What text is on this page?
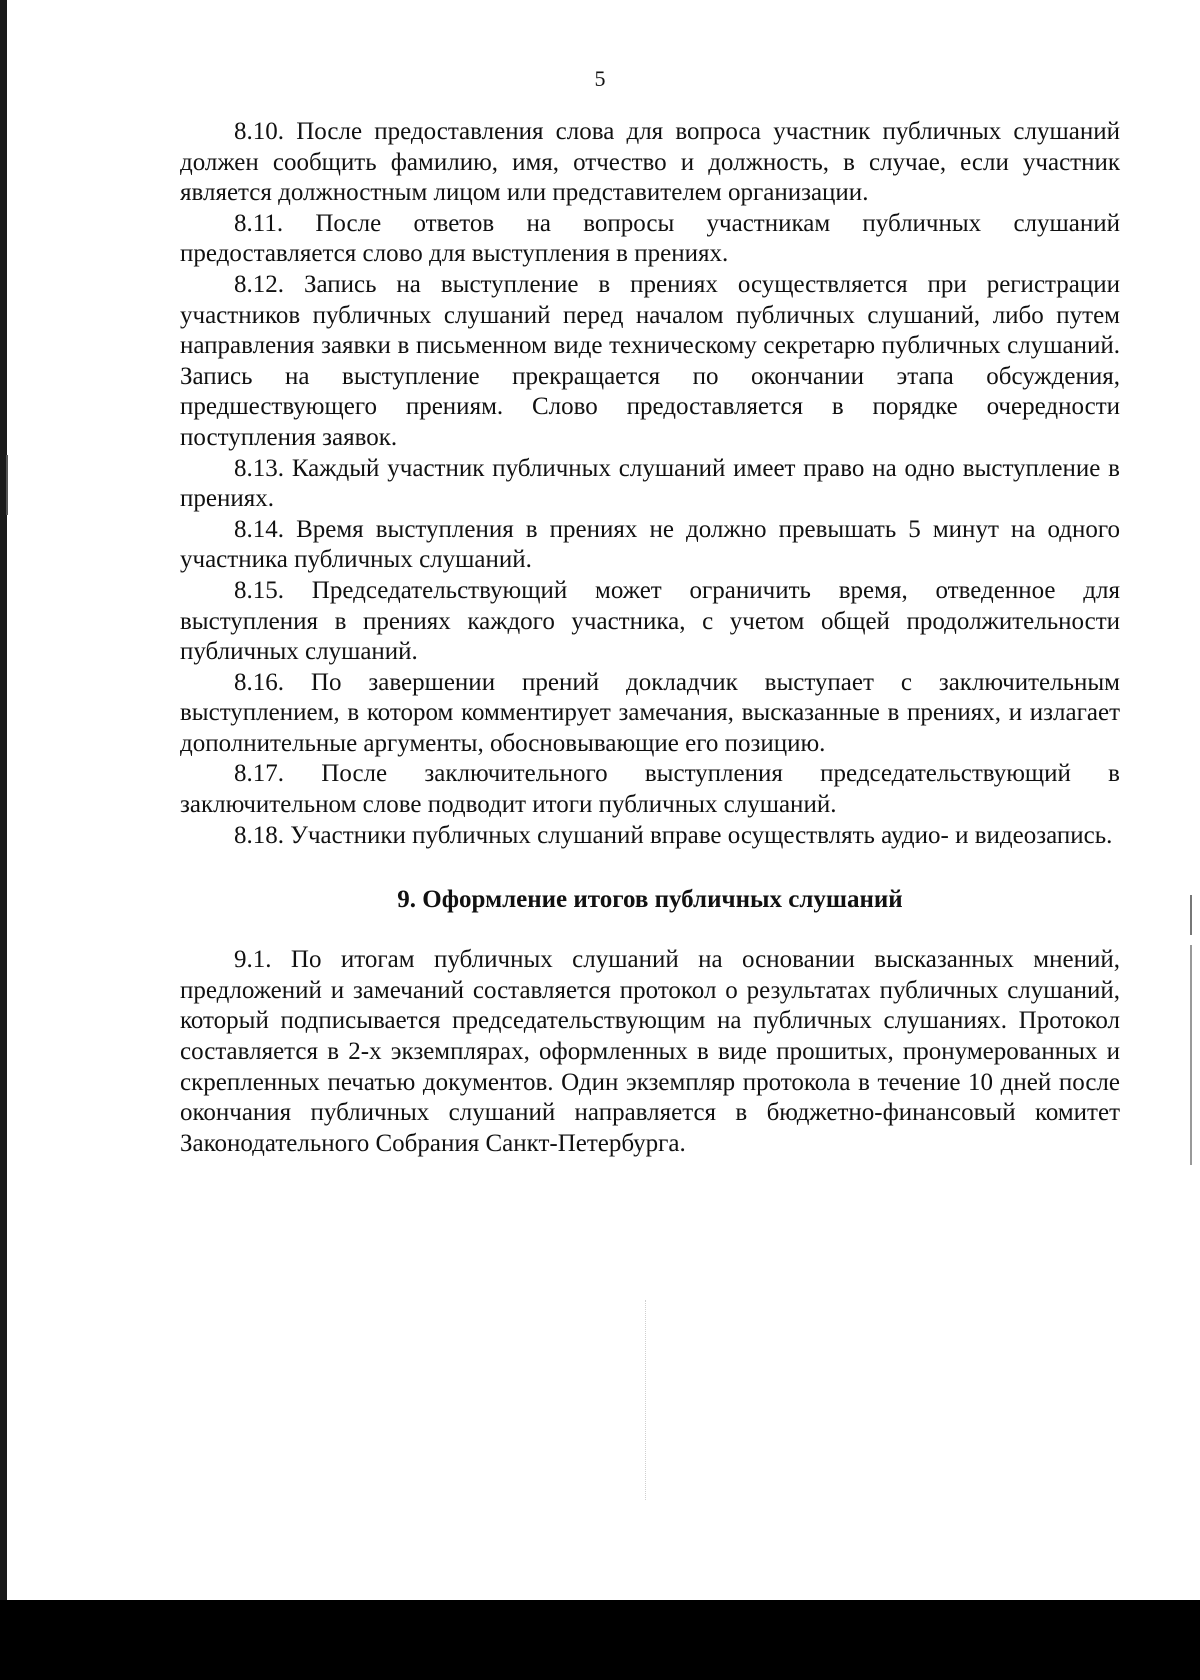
5

8.10. После предоставления слова для вопроса участник публичных слушаний должен сообщить фамилию, имя, отчество и должность, в случае, если участник является должностным лицом или представителем организации.

8.11. После ответов на вопросы участникам публичных слушаний предоставляется слово для выступления в прениях.

8.12. Запись на выступление в прениях осуществляется при регистрации участников публичных слушаний перед началом публичных слушаний, либо путем направления заявки в письменном виде техническому секретарю публичных слушаний. Запись на выступление прекращается по окончании этапа обсуждения, предшествующего прениям. Слово предоставляется в порядке очередности поступления заявок.

8.13. Каждый участник публичных слушаний имеет право на одно выступление в прениях.

8.14. Время выступления в прениях не должно превышать 5 минут на одного участника публичных слушаний.

8.15. Председательствующий может ограничить время, отведенное для выступления в прениях каждого участника, с учетом общей продолжительности публичных слушаний.

8.16. По завершении прений докладчик выступает с заключительным выступлением, в котором комментирует замечания, высказанные в прениях, и излагает дополнительные аргументы, обосновывающие его позицию.

8.17. После заключительного выступления председательствующий в заключительном слове подводит итоги публичных слушаний.

8.18. Участники публичных слушаний вправе осуществлять аудио- и видеозапись.

9. Оформление итогов публичных слушаний

9.1. По итогам публичных слушаний на основании высказанных мнений, предложений и замечаний составляется протокол о результатах публичных слушаний, который подписывается председательствующим на публичных слушаниях. Протокол составляется в 2-х экземплярах, оформленных в виде прошитых, пронумерованных и скрепленных печатью документов. Один экземпляр протокола в течение 10 дней после окончания публичных слушаний направляется в бюджетно-финансовый комитет Законодательного Собрания Санкт-Петербурга.
